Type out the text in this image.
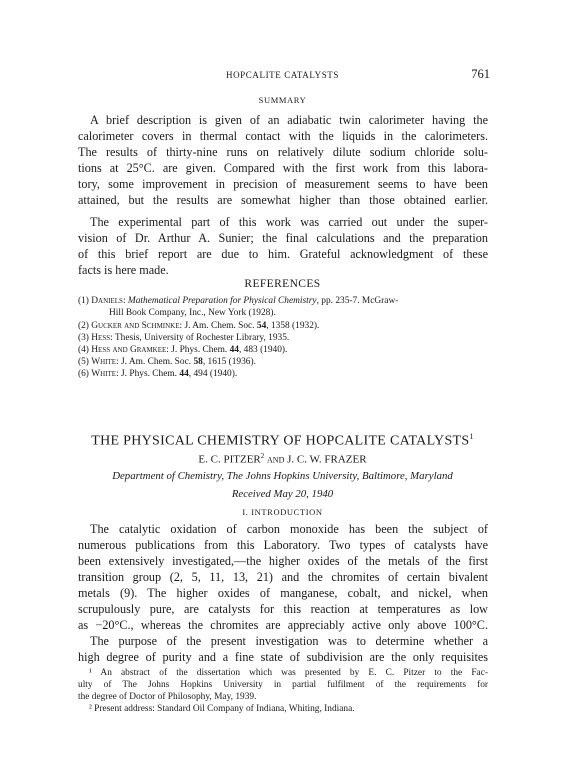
HOPCALITE CATALYSTS	761
SUMMARY
A brief description is given of an adiabatic twin calorimeter having the
calorimeter covers in thermal contact with the liquids in the calorimeters.
The results of thirty-nine runs on relatively dilute sodium chloride solu-
tions at 25°C. are given. Compared with the first work from this labora-
tory, some improvement in precision of measurement seems to have been
attained, but the results are somewhat higher than those obtained earlier.
The experimental part of this work was carried out under the super-
vision of Dr. Arthur A. Sunier; the final calculations and the preparation
of this brief report are due to him. Grateful acknowledgment of these
facts is here made.
REFERENCES
(1) Daniels: Mathematical Preparation for Physical Chemistry, pp. 235-7. McGraw-
Hill Book Company, Inc., New York (1928).
(2) Gucker and Schminke: J. Am. Chem. Soc. 54, 1358 (1932).
(3) Hess: Thesis, University of Rochester Library, 1935.
(4) Hess and Gramkee: J. Phys. Chem. 44, 483 (1940).
(5) White: J. Am. Chem. Soc. 58, 1615 (1936).
(6) White: J. Phys. Chem. 44, 494 (1940).
THE PHYSICAL CHEMISTRY OF HOPCALITE CATALYSTS$^1$
E. C. PITZER$^2$ and J. C. W. FRAZER
Department of Chemistry, The Johns Hopkins University, Baltimore, Maryland
Received May 20, 1940
I. INTRODUCTION
The catalytic oxidation of carbon monoxide has been the subject of
numerous publications from this Laboratory. Two types of catalysts have
been extensively investigated,—the higher oxides of the metals of the first
transition group (2, 5, 11, 13, 21) and the chromites of certain bivalent
metals (9). The higher oxides of manganese, cobalt, and nickel, when
scrupulously pure, are catalysts for this reaction at temperatures as low
as −20°C., whereas the chromites are appreciably active only above 100°C.
The purpose of the present investigation was to determine whether a
high degree of purity and a fine state of subdivision are the only requisites
¹ An abstract of the dissertation which was presented by E. C. Pitzer to the Fac-
ulty of The Johns Hopkins University in partial fulfilment of the requirements for
the degree of Doctor of Philosophy, May, 1939.
² Present address: Standard Oil Company of Indiana, Whiting, Indiana.
